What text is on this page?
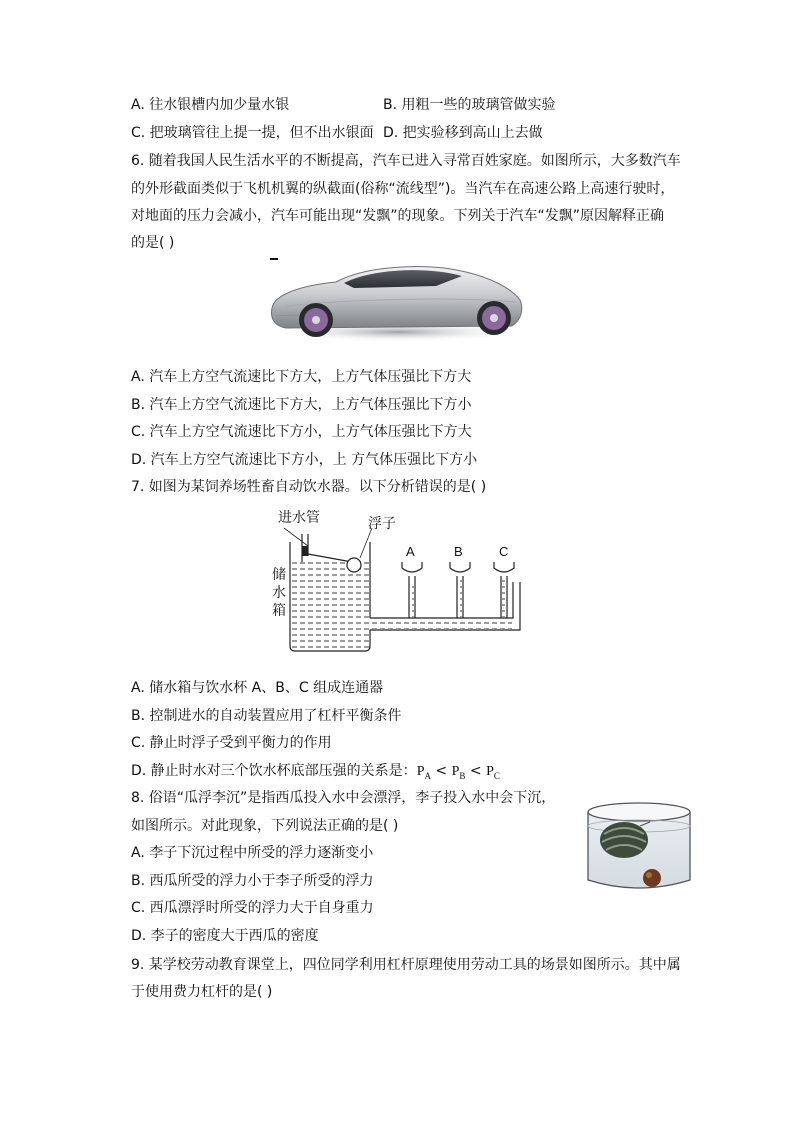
A. 往水银槽内加少量水银	B. 用粗一些的玻璃管做实验
C. 把玻璃管往上提一提，但不出水银面 D. 把实验移到高山上去做
6. 随着我国人民生活水平的不断提高，汽车已进入寻常百姓家庭。如图所示，大多数汽车
的外形截面类似于飞机机翼的纵截面(俗称“流线型”)。当汽车在高速公路上高速行驶时，
对地面的压力会减小，汽车可能出现“发飘”的现象。下列关于汽车“发飘”原因解释正确
的是( )
A. 汽车上方空气流速比下方大，上方气体压强比下方大
B. 汽车上方空气流速比下方大，上方气体压强比下方小
C. 汽车上方空气流速比下方小，上方气体压强比下方大
D. 汽车上方空气流速比下方小，上 方气体压强比下方小
7. 如图为某饲养场牲畜自动饮水器。以下分析错误的是( )
进水管	浮子
储
水
箱
A	B	C
A. 储水箱与饮水杯 A、B、C 组成连通器
B. 控制进水的自动装置应用了杠杆平衡条件
C. 静止时浮子受到平衡力的作用
D. 静止时水对三个饮水杯底部压强的关系是：$P_A < P_B < P_C$
8. 俗语“瓜浮李沉”是指西瓜投入水中会漂浮，李子投入水中会下沉，
如图所示。对此现象，下列说法正确的是( )
A. 李子下沉过程中所受的浮力逐渐变小
B. 西瓜所受的浮力小于李子所受的浮力
C. 西瓜漂浮时所受的浮力大于自身重力
D. 李子的密度大于西瓜的密度
9. 某学校劳动教育课堂上，四位同学利用杠杆原理使用劳动工具的场景如图所示。其中属
于使用费力杠杆的是( )
